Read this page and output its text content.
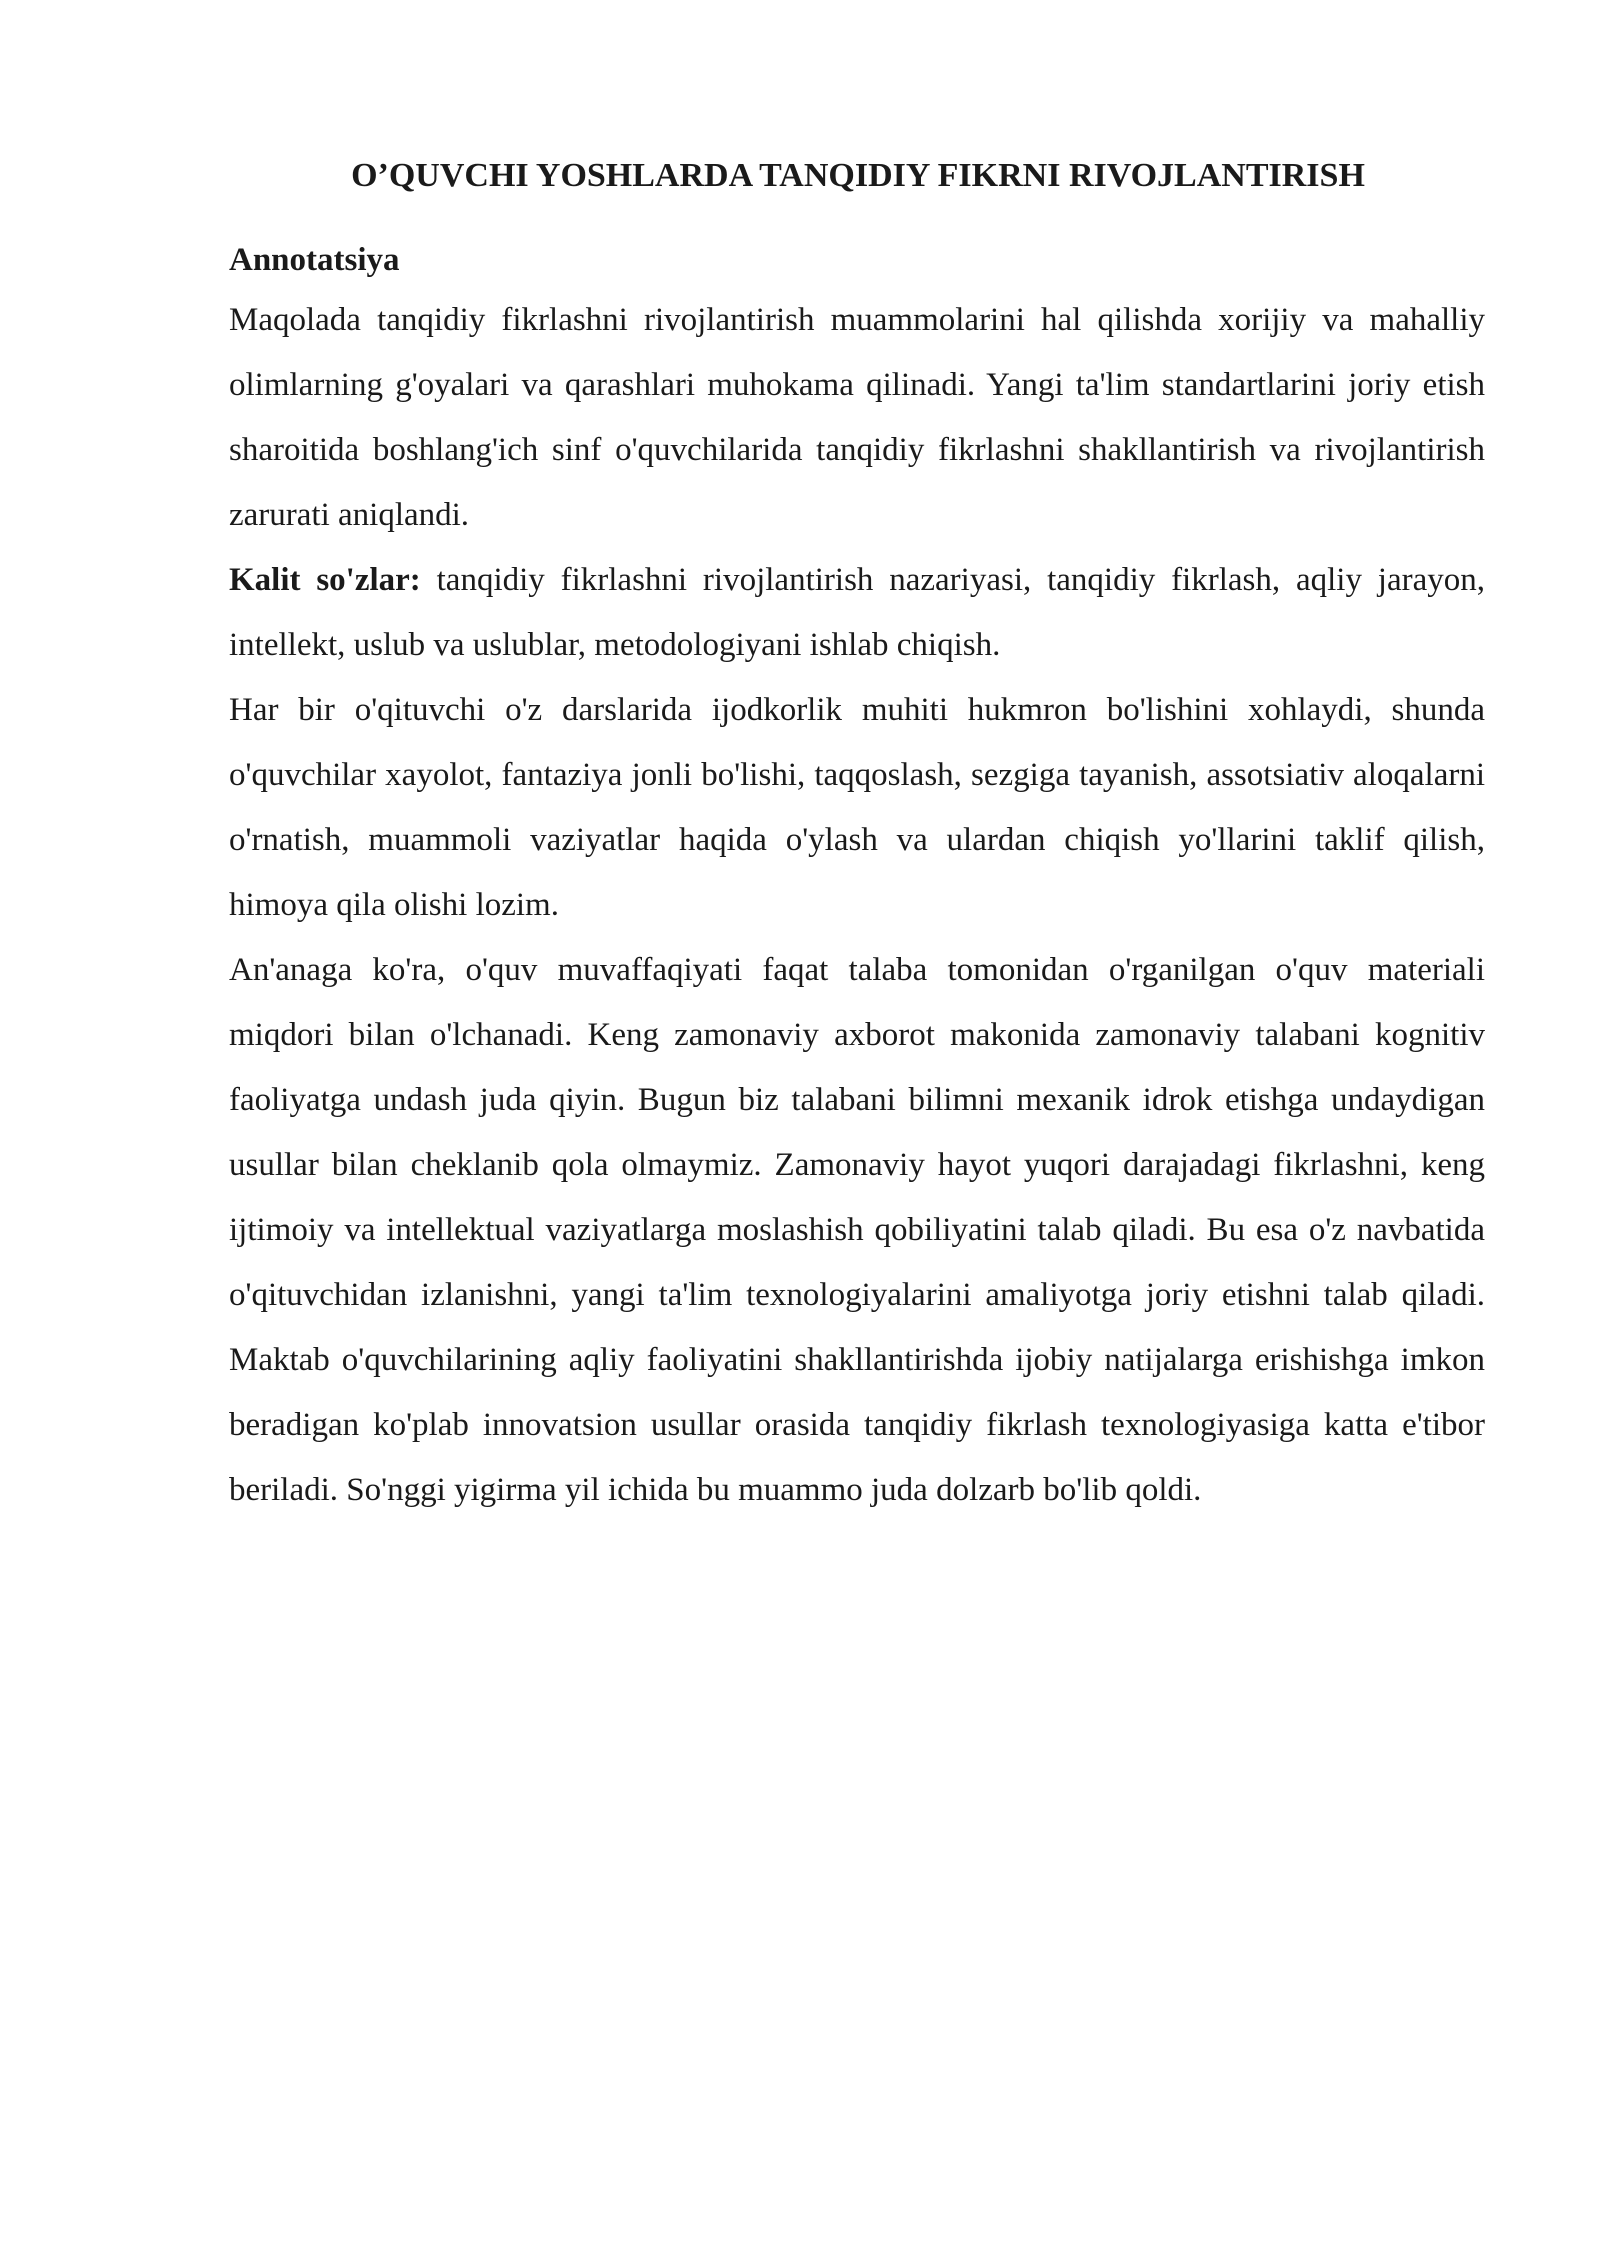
O’QUVCHI YOSHLARDA TANQIDIY FIKRNI RIVOJLANTIRISH
Annotatsiya

Maqolada tanqidiy fikrlashni rivojlantirish muammolarini hal qilishda xorijiy va mahalliy olimlarning g'oyalari va qarashlari muhokama qilinadi. Yangi ta'lim standartlarini joriy etish sharoitida boshlang'ich sinf o'quvchilarida tanqidiy fikrlashni shakllantirish va rivojlantirish zarurati aniqlandi.

Kalit so'zlar: tanqidiy fikrlashni rivojlantirish nazariyasi, tanqidiy fikrlash, aqliy jarayon, intellekt, uslub va uslublar, metodologiyani ishlab chiqish.

Har bir o'qituvchi o'z darslarida ijodkorlik muhiti hukmron bo'lishini xohlaydi, shunda o'quvchilar xayolot, fantaziya jonli bo'lishi, taqqoslash, sezgiga tayanish, assotsiativ aloqalarni o'rnatish, muammoli vaziyatlar haqida o'ylash va ulardan chiqish yo'llarini taklif qilish, himoya qila olishi lozim.

An'anaga ko'ra, o'quv muvaffaqiyati faqat talaba tomonidan o'rganilgan o'quv materiali miqdori bilan o'lchanadi. Keng zamonaviy axborot makonida zamonaviy talabani kognitiv faoliyatga undash juda qiyin. Bugun biz talabani bilimni mexanik idrok etishga undaydigan usullar bilan cheklanib qola olmaymiz. Zamonaviy hayot yuqori darajadagi fikrlashni, keng ijtimoiy va intellektual vaziyatlarga moslashish qobiliyatini talab qiladi. Bu esa o'z navbatida o'qituvchidan izlanishni, yangi ta'lim texnologiyalarini amaliyotga joriy etishni talab qiladi. Maktab o'quvchilarining aqliy faoliyatini shakllantirishda ijobiy natijalarga erishishga imkon beradigan ko'plab innovatsion usullar orasida tanqidiy fikrlash texnologiyasiga katta e'tibor beriladi. So'nggi yigirma yil ichida bu muammo juda dolzarb bo'lib qoldi.
